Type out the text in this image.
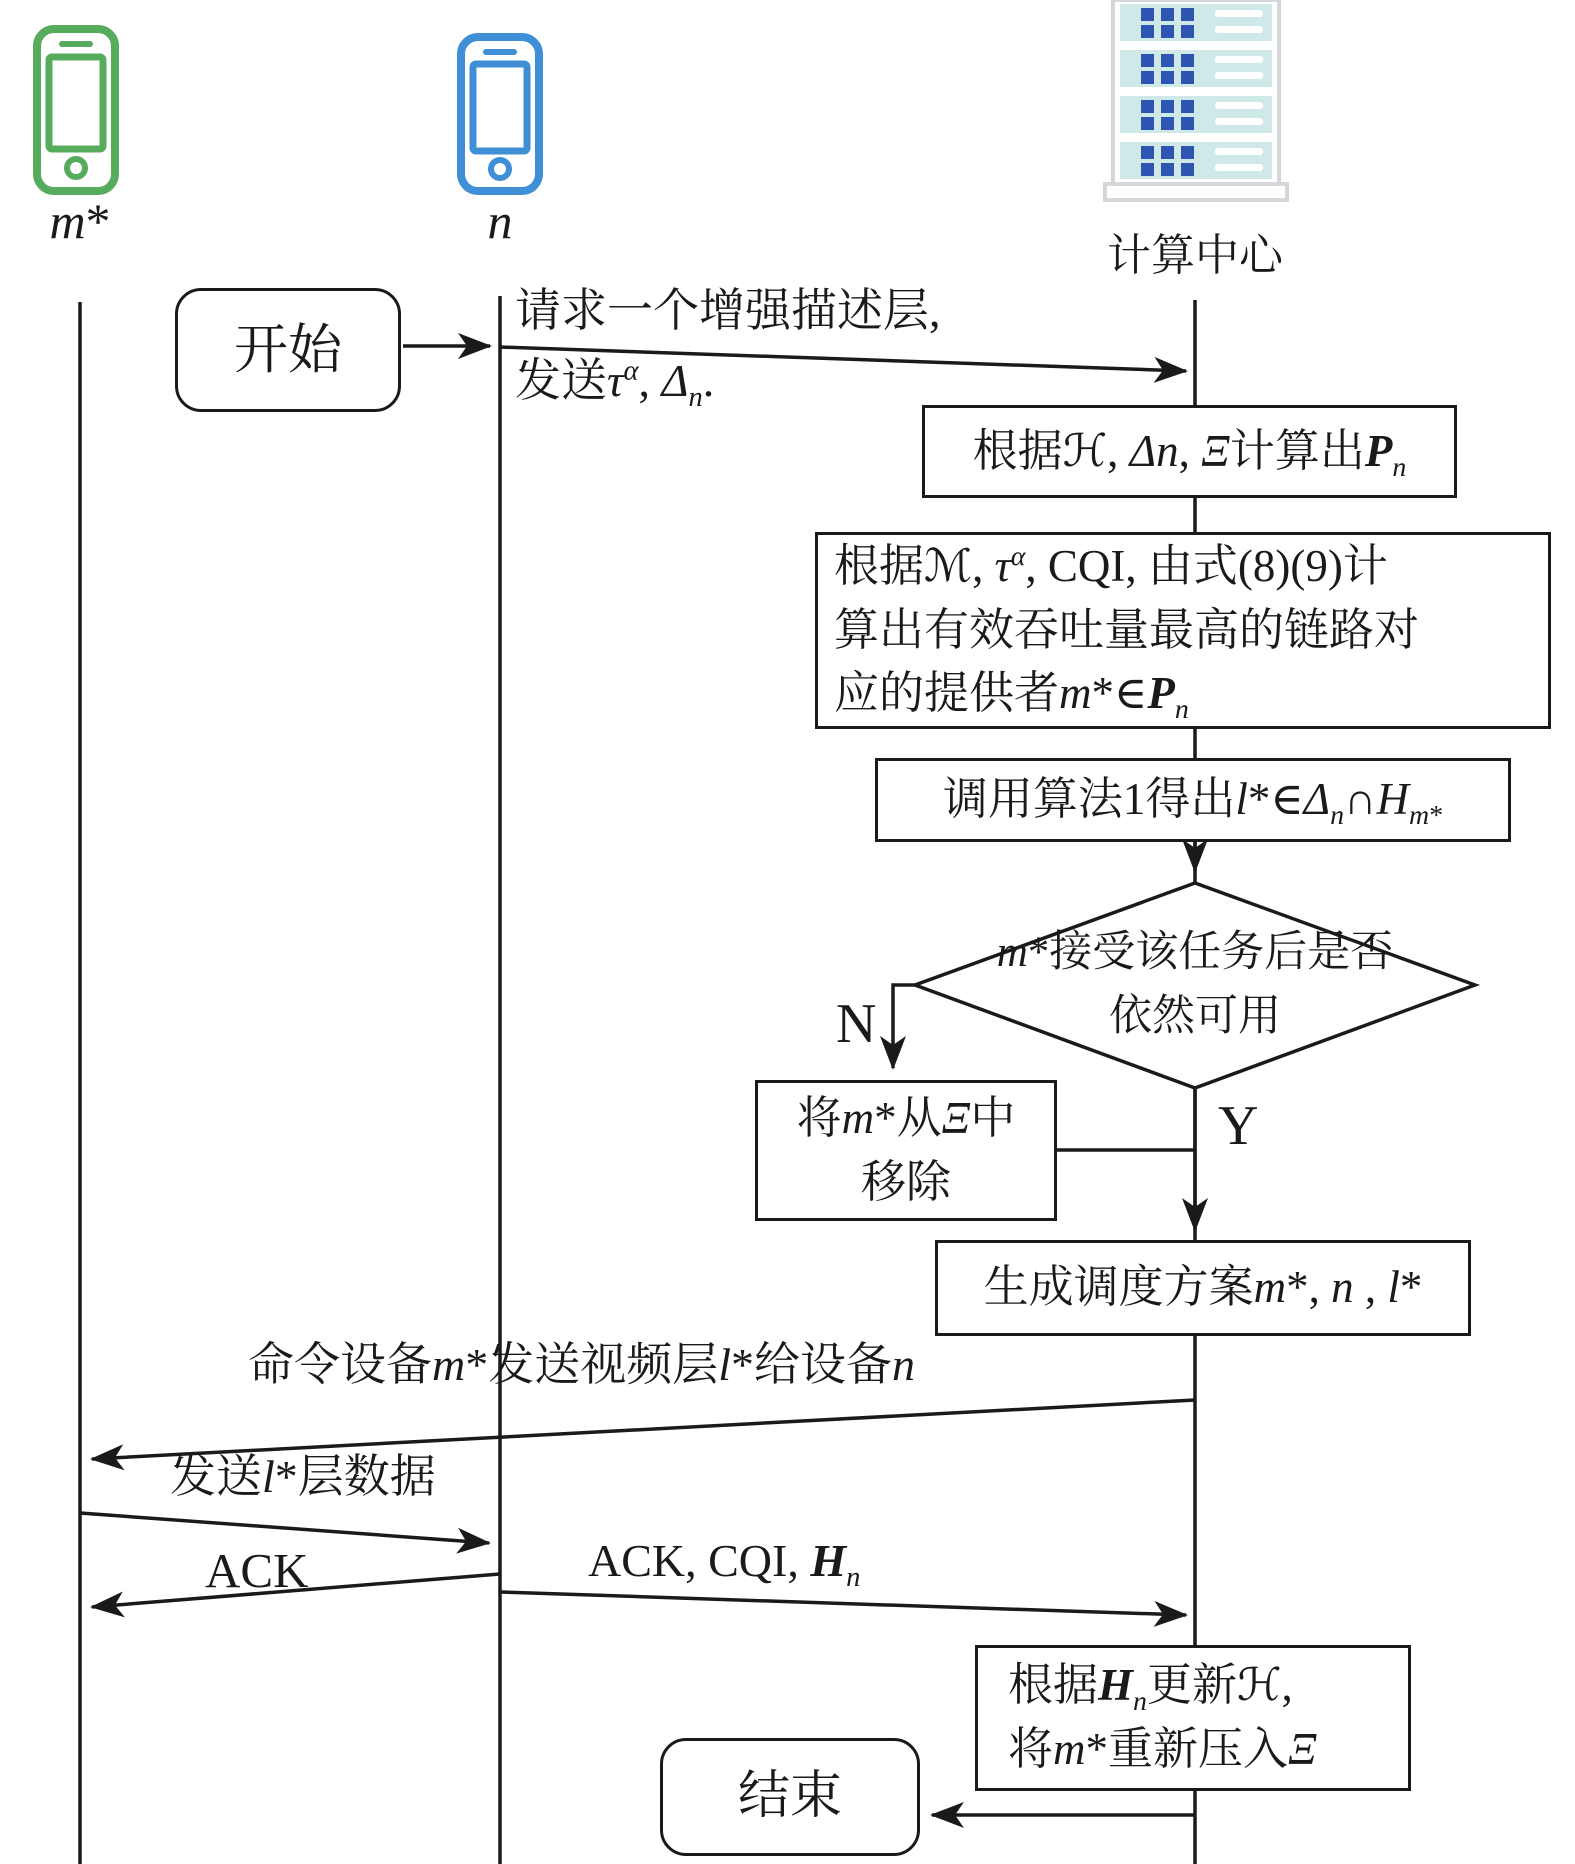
m*	n
计算中心
开始
根据ℋ, Δn, Ξ计算出$P_n$
根据ℳ, $\tau^\alpha$, CQI, 由式(8)(9)计
算出有效吞吐量最高的链路对
应的提供者$m*\in P_n$
调用算法1得出$l*\in\Delta_n\cap H_{m*}$
m*接受该任务后是否
依然可用
N
Y
将m*从Ξ中
移除
生成调度方案m*, n , l*
根据$H_n$更新ℋ,
将m*重新压入Ξ
结束
请求一个增强描述层,
发送$\tau^\alpha$, $\Delta_n$.
命令设备m*发送视频层l*给设备n
发送l*层数据
ACK	ACK, CQI, $H_n$
